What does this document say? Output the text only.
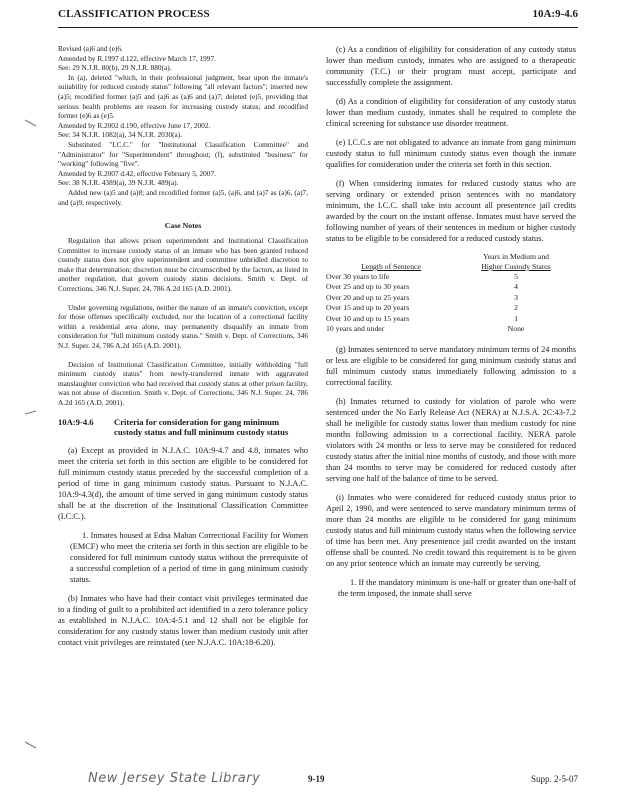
CLASSIFICATION PROCESS	10A:9-4.6

Revised (a)6 and (e)6.

Amended by R.1997 d.122, effective March 17, 1997.

See: 29 N.J.R. 80(b), 29 N.J.R. 880(a).

In (a), deleted "which, in their professional judgment, bear upon the inmate's suitability for reduced custody status" following "all relevant factors"; inserted new (a)5; recodified former (a)5 and (a)6 as (a)6 and (a)7; deleted (e)5, providing that serious health problems are reason for increasing custody status; and recodified former (e)6 as (e)5.

Amended by R.2002 d.190, effective June 17, 2002.

See: 34 N.J.R. 1082(a), 34 N.J.R. 2030(a).

Substituted "I.C.C." for "Institutional Classification Committee" and "Administrator" for "Superintendent" throughout; (f), substituted "business" for "working" following "five".

Amended by R.2007 d.42, effective February 5, 2007.

See: 38 N.J.R. 4389(a), 39 N.J.R. 489(a).

Added new (a)5 and (a)8; and recodified former (a)5, (a)6, and (a)7 as (a)6, (a)7, and (a)9, respectively.

Case Notes

Regulation that allows prison superintendent and Institutional Classification Committee to increase custody status of an inmate who has been granted reduced custody status does not give superintendent and committee unbridled discretion to make that determination; discretion must be circumscribed by the factors, as listed in another regulation, that govern custody status decisions. Smith v. Dept. of Corrections, 346 N.J. Super. 24, 786 A.2d 165 (A.D. 2001).

Under governing regulations, neither the nature of an inmate's conviction, except for those offenses specifically excluded, nor the location of a correctional facility within a residential area alone, may permanently disqualify an inmate from consideration for "full minimum custody status." Smith v. Dept. of Corrections, 346 N.J. Super. 24, 786 A.2d 165 (A.D. 2001).

Decision of Institutional Classification Committee, initially withholding "full minimum custody status" from newly-transferred inmate with aggravated manslaughter conviction who had received that custody status at other prison facility, was not abuse of discretion. Smith v. Dept. of Corrections, 346 N.J. Super. 24, 786 A.2d 165 (A.D. 2001).

10A:9-4.6	Criteria for consideration for gang minimum custody status and full minimum custody status

(a) Except as provided in N.J.A.C. 10A:9-4.7 and 4.8, inmates who meet the criteria set forth in this section are eligible to be considered for full minimum custody status preceded by the successful completion of a period of time in gang minimum custody status. Pursuant to N.J.A.C. 10A:9-4.3(d), the amount of time served in gang minimum custody status shall be at the discretion of the Institutional Classification Committee (I.C.C.).

1. Inmates housed at Edna Mahan Correctional Facility for Women (EMCF) who meet the criteria set forth in this section are eligible to be considered for full minimum custody status without the prerequisite of a successful completion of a period of time in gang minimum custody status.

(b) Inmates who have had their contact visit privileges terminated due to a finding of guilt to a prohibited act identified in a zero tolerance policy as established in N.J.A.C. 10A:4-5.1 and 12 shall not be eligible for consideration for any custody status lower than medium custody unit after contact visit privileges are reinstated (see N.J.A.C. 10A:18-6.20).

(c) As a condition of eligibility for consideration of any custody status lower than medium custody, inmates who are assigned to a therapeutic community (T.C.) or their program must accept, participate and successfully complete the assignment.

(d) As a condition of eligibility for consideration of any custody status lower than medium custody, inmates shall be required to complete the clinical screening for substance use disorder treatment.

(e) I.C.C.s are not obligated to advance an inmate from gang minimum custody status to full minimum custody status even though the inmate qualifies for consideration under the criteria set forth in this section.

(f) When considering inmates for reduced custody status who are serving ordinary or extended prison sentences with no mandatory minimum, the I.C.C. shall take into account all presentence jail credits awarded by the court on the instant offense. Inmates must have served the following number of years of their sentences in medium or higher custody status to be eligible to be considered for a reduced custody status.

Length of Sentence	Years in Medium and
Higher Custody Status

Over 30 years to life	5
Over 25 and up to 30 years	4
Over 20 and up to 25 years	3
Over 15 and up to 20 years	2
Over 10 and up to 15 years	1
10 years and under	None

(g) Inmates sentenced to serve mandatory minimum terms of 24 months or less are eligible to be considered for gang minimum custody status and full minimum custody status immediately following admission to a correctional facility.

(h) Inmates returned to custody for violation of parole who were sentenced under the No Early Release Act (NERA) at N.J.S.A. 2C:43-7.2 shall be ineligible for custody status lower than medium custody for nine months following admission to a correctional facility. NERA parole violators with 24 months or less to serve may be considered for reduced custody status after the initial nine months of custody, and those with more than 24 months to serve may be considered for reduced custody after serving one half of the balance of time to be served.

(i) Inmates who were considered for reduced custody status prior to April 2, 1990, and were sentenced to serve mandatory minimum terms of more than 24 months are eligible to be considered for gang minimum custody status and full minimum custody status when the following service of time has been met. Any presentence jail credit awarded on the instant offense shall be counted. No credit toward this requirement is to be given on any prior sentence which an inmate may currently be serving.

1. If the mandatory minimum is one-half or greater than one-half of the term imposed, the inmate shall serve

New Jersey State Library	9-19	Supp. 2-5-07
